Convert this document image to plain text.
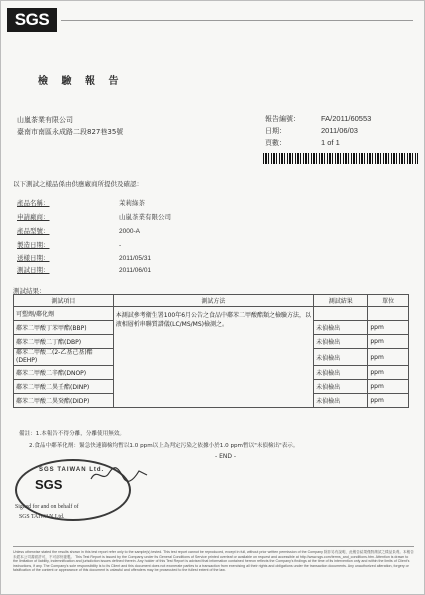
SGS
檢 驗 報 告
山嵐茶業有限公司
臺南市南區永成路二段827巷35號
報告編號：	FA/2011/60553
日期：	2011/06/03
頁數：	1 of 1
以下測試之樣品係由供應廠商所提供及確認：
產品名稱：	茉莉綠茶
申請廠商：	山嵐茶業有限公司
產品型號：	2000-A
製造日期：	-
送樣日期：	2011/05/31
測試日期：	2011/06/01
測試結果：
測試項目	測試方法	測試結果	單位
可塑劑/鄰化劑	本測試參考衛生署100年6月公告之食品中鄰苯二甲酸酯類之檢驗方法，以液相層析串聯質譜儀(LC/MS/MS)檢測之。		
鄰苯二甲酸丁苯甲酯(BBP)		未偵檢出	ppm
鄰苯二甲酸二丁酯(DBP)		未偵檢出	ppm
鄰苯二甲酸二(2-乙基己基)酯(DEHP)		未偵檢出	ppm
鄰苯二甲酸二辛酯(DNOP)		未偵檢出	ppm
鄰苯二甲酸二異壬酯(DINP)		未偵檢出	ppm
鄰苯二甲酸二異癸酯(DIDP)		未偵檢出	ppm
備註：1.本報告不得分離，分離使用無效。
2.食品中鄰苯化劑：緊急快速篩檢均暫以1.0 ppm以上為判定污染之依據小於1.0 ppm暫以"未偵檢出"表示。
- END -
SGS TAIWAN Ltd.
SGS
Signed for and on behalf of
SGS TAIWAN Ltd.
Unless otherwise stated the results shown in this test report refer only to the sample(s) tested. This test report cannot be reproduced, except in full, without prior written permission of the Company 除非另有說明，此報告結果僅對測試之樣品負責。本報告未經本公司書面許可，不可部份複製。 This Test Report is issued by the Company under its General Conditions of Service printed overleaf or available on request and accessible at http://www.sgs.com/terms_and_conditions.htm. Attention is drawn to the limitation of liability, indemnification and jurisdiction issues defined therein. Any holder of this Test Report is advised that information contained hereon reflects the Company's findings at the time of its intervention only and within the limits of Client's instructions, if any. The Company's sole responsibility is to its Client and this document does not exonerate parties to a transaction from exercising all their rights and obligations under the transaction documents. Any unauthorized alteration, forgery or falsification of the content or appearance of this document is unlawful and offenders may be prosecuted to the fullest extent of the law.
